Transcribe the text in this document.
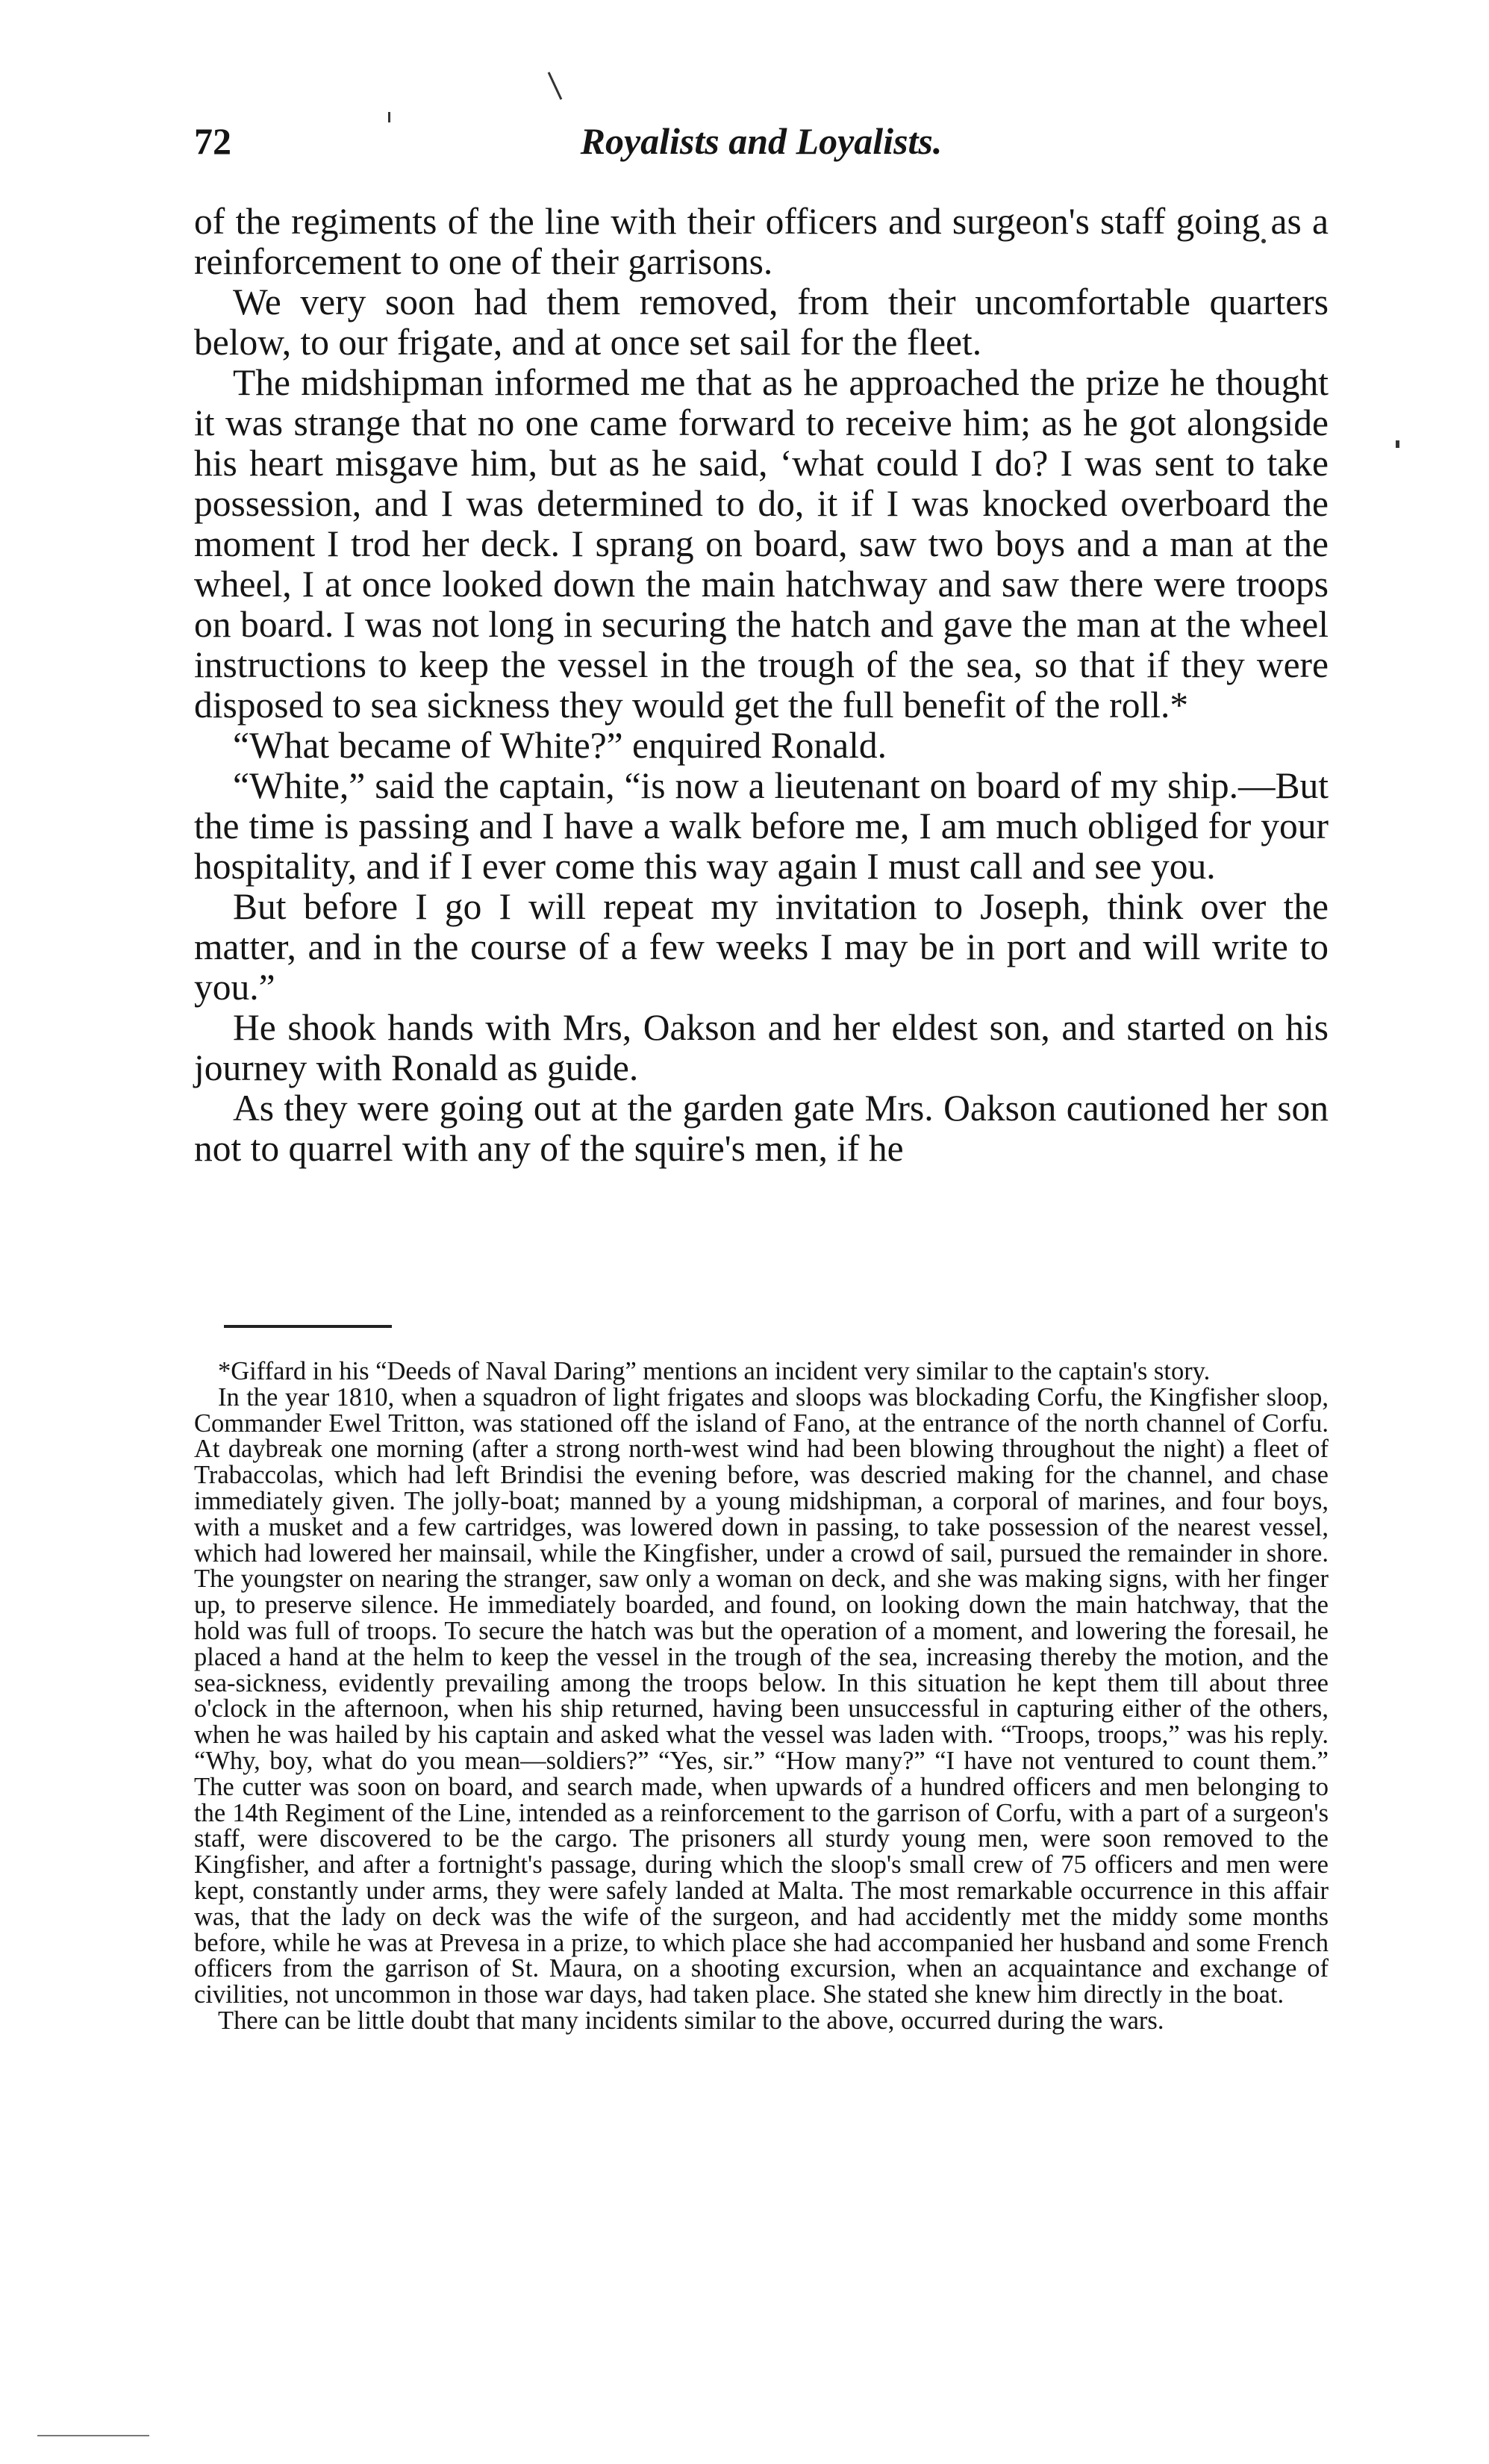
72	Royalists and Loyalists.

of the regiments of the line with their officers and surgeon's staff going as a reinforcement to one of their garrisons.

We very soon had them removed, from their uncomfortable quarters below, to our frigate, and at once set sail for the fleet.

The midshipman informed me that as he approached the prize he thought it was strange that no one came forward to receive him; as he got alongside his heart misgave him, but as he said, ‘what could I do? I was sent to take possession, and I was determined to do, it if I was knocked overboard the moment I trod her deck. I sprang on board, saw two boys and a man at the wheel, I at once looked down the main hatchway and saw there were troops on board. I was not long in securing the hatch and gave the man at the wheel instructions to keep the vessel in the trough of the sea, so that if they were disposed to sea sickness they would get the full benefit of the roll.*

“What became of White?” enquired Ronald.

“White,” said the captain, “is now a lieutenant on board of my ship.—But the time is passing and I have a walk before me, I am much obliged for your hospitality, and if I ever come this way again I must call and see you.

But before I go I will repeat my invitation to Joseph, think over the matter, and in the course of a few weeks I may be in port and will write to you.”

He shook hands with Mrs, Oakson and her eldest son, and started on his journey with Ronald as guide.

As they were going out at the garden gate Mrs. Oakson cautioned her son not to quarrel with any of the squire's men, if he

*Giffard in his “Deeds of Naval Daring” mentions an incident very similar to the captain's story.

In the year 1810, when a squadron of light frigates and sloops was blockading Corfu, the Kingfisher sloop, Commander Ewel Tritton, was stationed off the island of Fano, at the entrance of the north channel of Corfu. At daybreak one morning (after a strong north-west wind had been blowing throughout the night) a fleet of Trabaccolas, which had left Brindisi the evening before, was descried making for the channel, and chase immediately given. The jolly-boat; manned by a young midshipman, a corporal of marines, and four boys, with a musket and a few cartridges, was lowered down in passing, to take possession of the nearest vessel, which had lowered her mainsail, while the Kingfisher, under a crowd of sail, pursued the remainder in shore. The youngster on nearing the stranger, saw only a woman on deck, and she was making signs, with her finger up, to preserve silence. He immediately boarded, and found, on looking down the main hatchway, that the hold was full of troops. To secure the hatch was but the operation of a moment, and lowering the foresail, he placed a hand at the helm to keep the vessel in the trough of the sea, increasing thereby the motion, and the sea-sickness, evidently prevailing among the troops below. In this situation he kept them till about three o'clock in the afternoon, when his ship returned, having been unsuccessful in capturing either of the others, when he was hailed by his captain and asked what the vessel was laden with. “Troops, troops,” was his reply. “Why, boy, what do you mean—soldiers?” “Yes, sir.” “How many?” “I have not ventured to count them.” The cutter was soon on board, and search made, when upwards of a hundred officers and men belonging to the 14th Regiment of the Line, intended as a reinforcement to the garrison of Corfu, with a part of a surgeon's staff, were discovered to be the cargo. The prisoners all sturdy young men, were soon removed to the Kingfisher, and after a fortnight's passage, during which the sloop's small crew of 75 officers and men were kept, constantly under arms, they were safely landed at Malta. The most remarkable occurrence in this affair was, that the lady on deck was the wife of the surgeon, and had accidently met the middy some months before, while he was at Prevesa in a prize, to which place she had accompanied her husband and some French officers from the garrison of St. Maura, on a shooting excursion, when an acquaintance and exchange of civilities, not uncommon in those war days, had taken place. She stated she knew him directly in the boat.

There can be little doubt that many incidents similar to the above, occurred during the wars.
